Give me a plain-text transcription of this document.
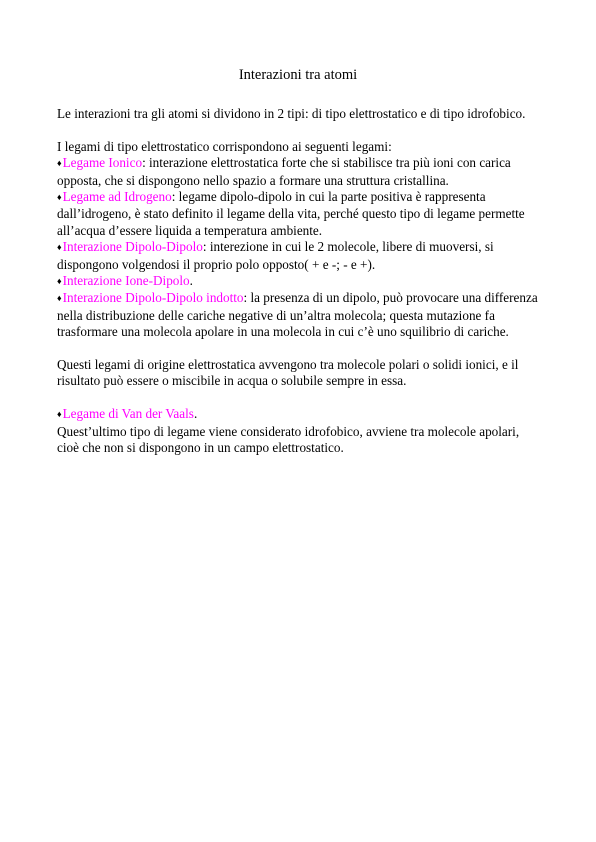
Interazioni tra atomi

Le interazioni tra gli atomi si dividono in 2 tipi: di tipo elettrostatico e di tipo idrofobico.

I legami di tipo elettrostatico corrispondono ai seguenti legami:

♦Legame Ionico: interazione elettrostatica forte che si stabilisce tra più ioni con carica opposta, che si dispongono nello spazio a formare una struttura cristallina.

♦Legame ad Idrogeno: legame dipolo-dipolo in cui la parte positiva è rappresenta dall’idrogeno, è stato definito il legame della vita, perché questo tipo di legame permette all’acqua d’essere liquida a temperatura ambiente.

♦Interazione Dipolo-Dipolo: interezione in cui le 2 molecole, libere di muoversi, si dispongono volgendosi il proprio polo opposto( + e -; - e +).

♦Interazione Ione-Dipolo.

♦Interazione Dipolo-Dipolo indotto: la presenza di un dipolo, può provocare una differenza nella distribuzione delle cariche negative di un’altra molecola; questa mutazione fa trasformare una molecola apolare in una molecola in cui c’è uno squilibrio di cariche.

Questi legami di origine elettrostatica avvengono tra molecole polari o solidi ionici, e il risultato può essere o miscibile in acqua o solubile sempre in essa.

♦Legame di Van der Vaals.

Quest’ultimo tipo di legame viene considerato idrofobico, avviene tra molecole apolari, cioè che non si dispongono in un campo elettrostatico.
